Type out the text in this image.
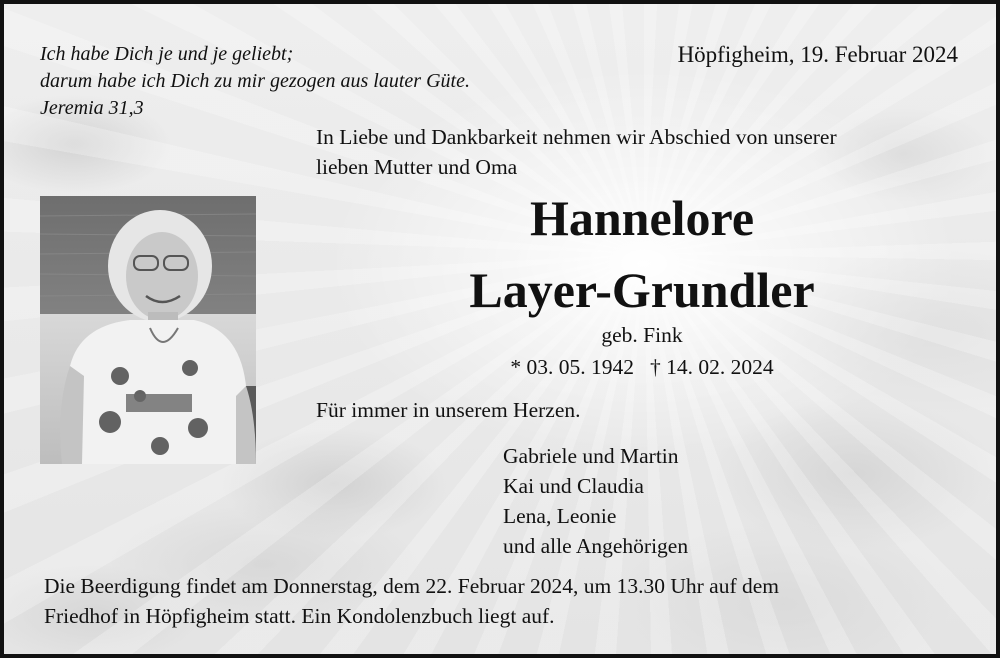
Ich habe Dich je und je geliebt;
darum habe ich Dich zu mir gezogen aus lauter Güte.
Jeremia 31,3
Höpfigheim, 19. Februar 2024
In Liebe und Dankbarkeit nehmen wir Abschied von unserer
lieben Mutter und Oma
Hannelore
Layer-Grundler
geb. Fink
* 03. 05. 1942 † 14. 02. 2024
Für immer in unserem Herzen.
Gabriele und Martin
Kai und Claudia
Lena, Leonie
und alle Angehörigen
Die Beerdigung findet am Donnerstag, dem 22. Februar 2024, um 13.30 Uhr auf dem
Friedhof in Höpfigheim statt. Ein Kondolenzbuch liegt auf.
